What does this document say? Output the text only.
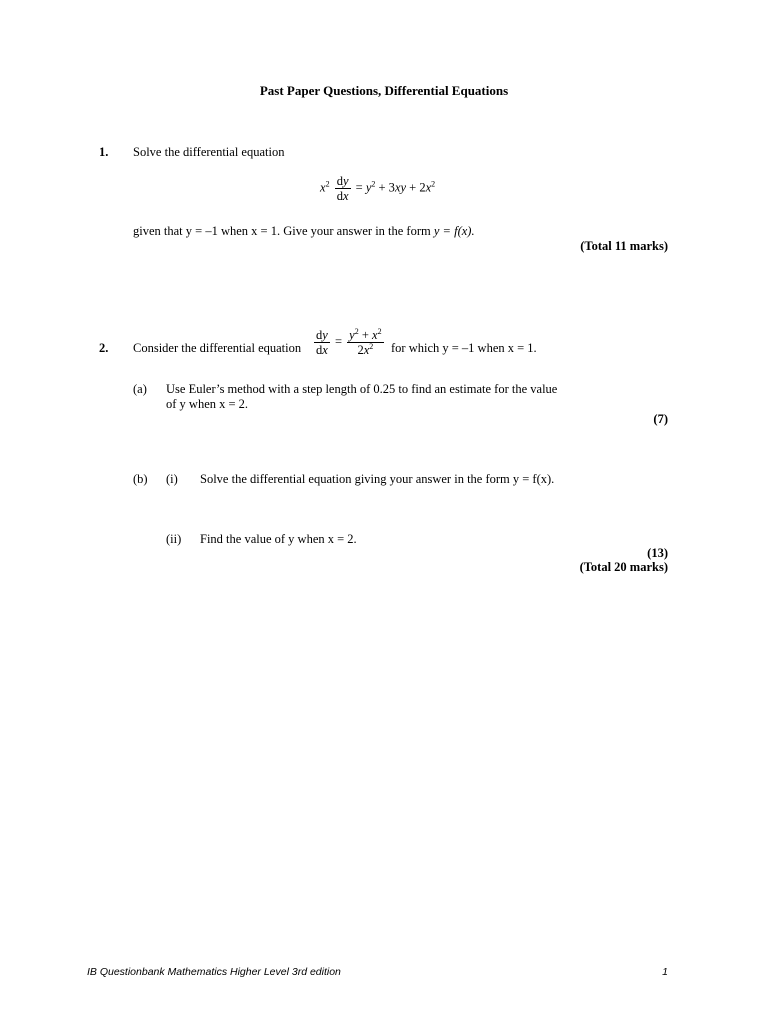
Past Paper Questions, Differential Equations
1. Solve the differential equation
$x^2 \frac{dy}{dx} = y^2 + 3xy + 2x^2$
given that y = –1 when x = 1. Give your answer in the form y = f(x).
(Total 11 marks)
2. Consider the differential equation $\frac{dy}{dx} = \frac{y^2 + x^2}{2x^2}$ for which y = –1 when x = 1.
(a) Use Euler’s method with a step length of 0.25 to find an estimate for the value
of y when x = 2.
(7)
(b) (i) Solve the differential equation giving your answer in the form y = f(x).
(ii) Find the value of y when x = 2.
(13)
(Total 20 marks)
IB Questionbank Mathematics Higher Level 3rd edition	1
